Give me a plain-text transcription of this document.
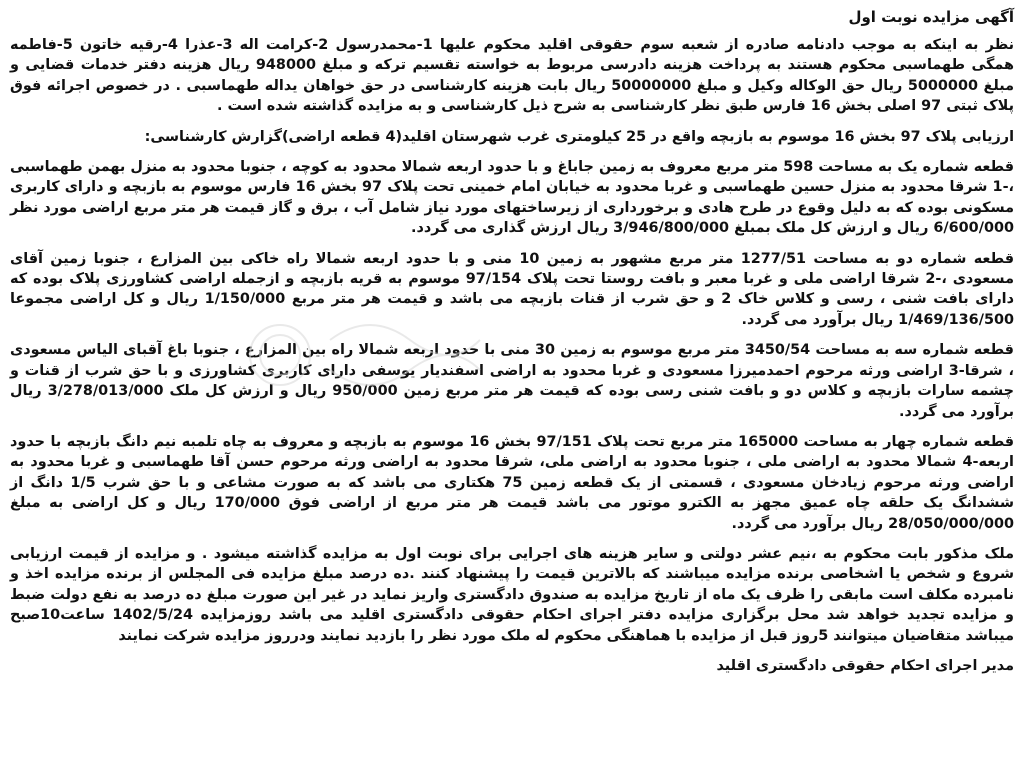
آگهی مزایده نوبت اول

نظر به اینکه به موجب دادنامه صادره از شعبه سوم حقوقی اقلید محکوم علیها 1-محمدرسول 2-کرامت اله 3-عذرا 4-رقیه خاتون 5-فاطمه همگی طهماسبی محکوم هستند به پرداخت هزینه دادرسی مربوط به خواسته تقسیم ترکه و مبلغ 948000 ریال هزینه دفتر خدمات قضایی و مبلغ 5000000 ریال حق الوکاله وکیل و مبلغ 50000000 ریال بابت هزینه کارشناسی در حق خواهان یداله طهماسبی . در خصوص اجرائه فوق پلاک ثبتی 97 اصلی بخش 16 فارس طبق نظر کارشناسی به شرح ذیل کارشناسی و به مزایده گذاشته شده است .

ارزیابی پلاک 97 بخش 16 موسوم به بازبچه واقع در 25 کیلومتری غرب شهرستان اقلید(4 قطعه اراضی)گزارش کارشناسی:

قطعه شماره یک به مساحت 598 متر مربع معروف به زمین جاباغ و با حدود اربعه شمالا محدود به کوچه ، جنوبا محدود به منزل بهمن طهماسبی ،-1 شرقا محدود به منزل حسین طهماسبی و غربا محدود به خیابان امام خمینی تحت پلاک 97 بخش 16 فارس موسوم به بازبچه و دارای کاربری مسکونی بوده که به دلیل وقوع در طرح هادی و برخورداری از زیرساختهای مورد نیاز شامل آب ، برق و گاز قیمت هر متر مربع اراضی مورد نظر 6/600/000 ریال و ارزش کل ملک بمبلغ 3/946/800/000 ریال ارزش گذاری می گردد.

قطعه شماره دو به مساحت 1277/51 متر مربع مشهور به زمین 10 منی و با حدود اربعه شمالا راه خاکی بین المزارع ، جنوبا زمین آقای مسعودی ،-2 شرقا اراضی ملی و غربا معبر و بافت روستا تحت پلاک 97/154 موسوم به قریه بازبچه و ازجمله اراضی کشاورزی پلاک بوده که دارای بافت شنی ، رسی و کلاس خاک 2 و حق شرب از قنات بازبچه می باشد و قیمت هر متر مربع 1/150/000 ریال و کل اراضی مجموعا 1/469/136/500 ریال برآورد می گردد.

قطعه شماره سه به مساحت 3450/54 متر مربع موسوم به زمین 30 منی با حدود اربعه شمالا راه بین المزارع ، جنوبا باغ آقبای الیاس مسعودی ، شرقا-3 اراضی ورثه مرحوم احمدمیرزا مسعودی و غربا محدود به اراضی اسفندیار یوسفی دارای کاربری کشاورزی و با حق شرب از قنات و چشمه سارات بازبچه و کلاس دو و بافت شنی رسی بوده که قیمت هر متر مربع زمین 950/000 ریال و ارزش کل ملک 3/278/013/000 ریال برآورد می گردد.

قطعه شماره چهار به مساحت 165000 متر مربع تحت پلاک 97/151 بخش 16 موسوم به بازبچه و معروف به چاه تلمبه نیم دانگ بازبچه با حدود اربعه-4 شمالا محدود به اراضی ملی ، جنوبا محدود به اراضی ملی، شرقا محدود به اراضی ورثه مرحوم حسن آقا طهماسبی و غربا محدود به اراضی ورثه مرحوم زیادخان مسعودی ، قسمتی از یک قطعه زمین 75 هکتاری می باشد که به صورت مشاعی و با حق شرب 1/5 دانگ از ششدانگ یک حلقه چاه عمیق مجهز به الکترو موتور می باشد قیمت هر متر مربع از اراضی فوق 170/000 ریال و کل اراضی به مبلغ 28/050/000/000 ریال برآورد می گردد.

ملک مذکور بابت محکوم به ،نیم عشر دولتی و سایر هزینه های اجرایی برای نوبت اول به مزایده گذاشته میشود . و مزایده از قیمت ارزیابی شروع و شخص یا اشخاصی برنده مزایده میباشند که بالاترین قیمت را پیشنهاد کنند .ده درصد مبلغ مزایده فی المجلس از برنده مزایده اخذ و نامبرده مکلف است مابقی را ظرف یک ماه از تاریخ مزایده به صندوق دادگستری واریز نماید در غیر این صورت مبلغ ده درصد به نفع دولت ضبط و مزایده تجدید خواهد شد محل برگزاری مزایده دفتر اجرای احکام حقوقی دادگستری اقلید می باشد روزمزایده 1402/5/24 ساعت10صبح میباشد متقاضیان میتوانند 5روز قبل از مزایده با هماهنگی محکوم له ملک مورد نظر را بازدید نمایند ودرروز مزایده شرکت نمایند

مدیر اجرای احکام حقوقی دادگستری اقلید
